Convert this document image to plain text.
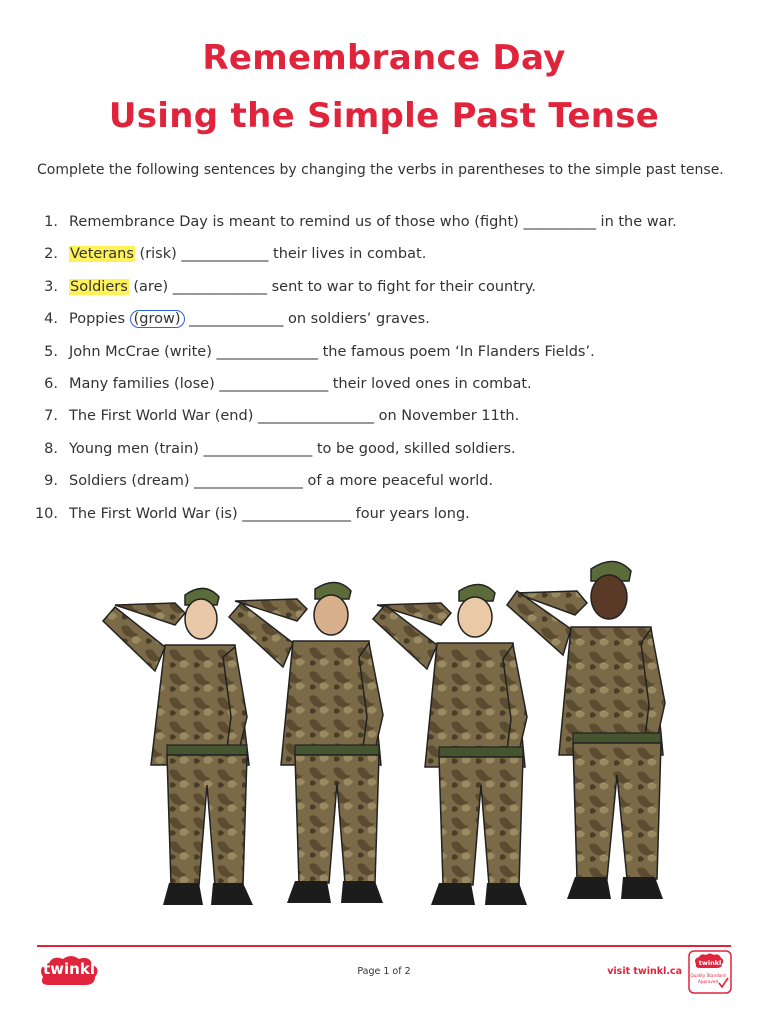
Remembrance Day
Using the Simple Past Tense
Complete the following sentences by changing the verbs in parentheses to the simple past tense.
1. Remembrance Day is meant to remind us of those who (fight) __________ in the war.
2. Veterans (risk) ____________ their lives in combat.
3. Soldiers (are) _____________ sent to war to fight for their country.
4. Poppies (grow) _____________ on soldiers’ graves.
5. John McCrae (write) ______________ the famous poem ‘In Flanders Fields’.
6. Many families (lose) _______________ their loved ones in combat.
7. The First World War (end) ________________ on November 11th.
8. Young men (train) _______________ to be good, skilled soldiers.
9. Soldiers (dream) _______________ of a more peaceful world.
10. The First World War (is) _______________ four years long.
twinkl	Page 1 of 2	visit twinkl.ca
twinkl
Quality Standard
Approved
